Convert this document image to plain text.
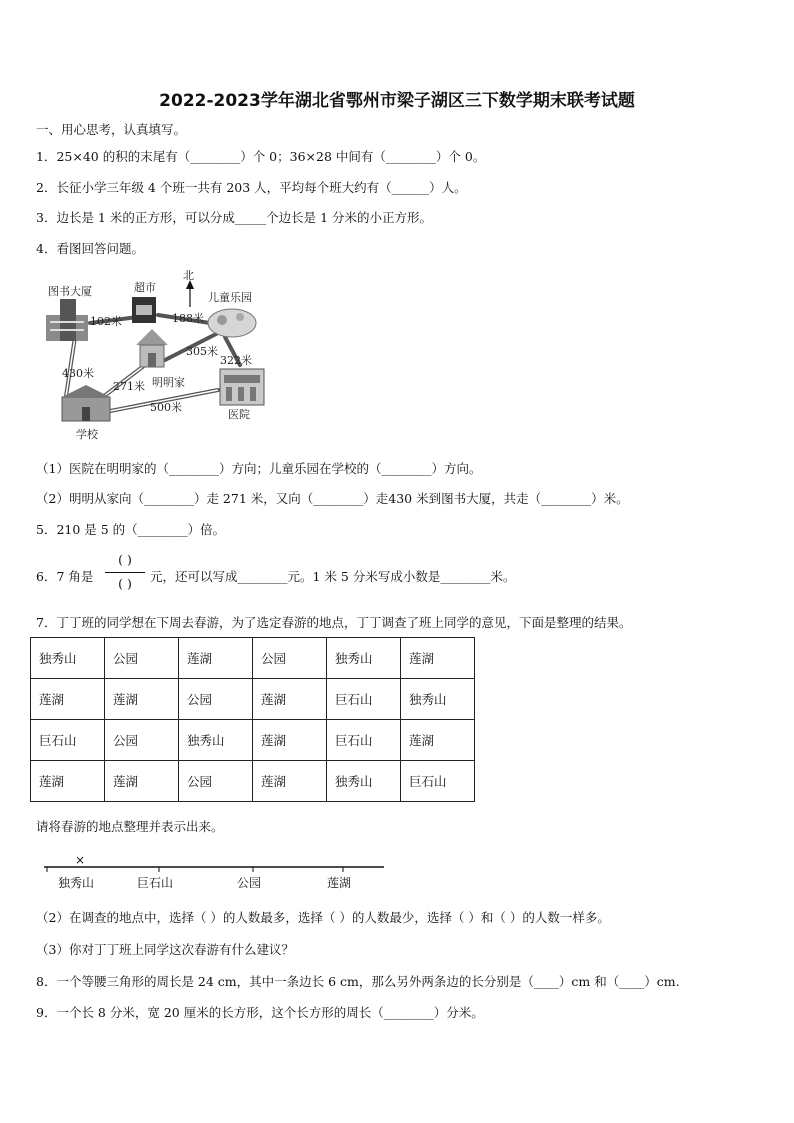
2022-2023学年湖北省鄂州市梁子湖区三下数学期末联考试题
一、用心思考，认真填写。
1．25×40 的积的末尾有（________）个 0；36×28 中间有（________）个 0。
2．长征小学三年级 4 个班一共有 203 人，平均每个班大约有（______）人。
3．边长是 1 米的正方形，可以分成_____个边长是 1 分米的小正方形。
4．看图回答问题。
图书大厦	超市
北
儿童乐园
明明家
学校
医院
102米	188米
305米
322米
430米
271米
500米
（1）医院在明明家的（________）方向；儿童乐园在学校的（________）方向。
（2）明明从家向（________）走 271 米，又向（________）走430 米到图书大厦，共走（________）米。
5．210 是 5 的（________）倍。
6．7 角是
( )
( )	元，还可以写成________元。1 米 5 分米写成小数是________米。
7．丁丁班的同学想在下周去春游，为了选定春游的地点，丁丁调查了班上同学的意见，下面是整理的结果。
独秀山	公园	莲湖	公园	独秀山	莲湖
莲湖	莲湖	公园	莲湖	巨石山	独秀山
巨石山	公园	独秀山	莲湖	巨石山	莲湖
莲湖	莲湖	公园	莲湖	独秀山	巨石山
请将春游的地点整理并表示出来。
×
独秀山	巨石山	公园	莲湖
（2）在调查的地点中，选择（ ）的人数最多，选择（ ）的人数最少，选择（ ）和（ ）的人数一样多。
（3）你对丁丁班上同学这次春游有什么建议？
8．一个等腰三角形的周长是 24 cm，其中一条边长 6 cm，那么另外两条边的长分别是（____）cm 和（____）cm.
9．一个长 8 分米，宽 20 厘米的长方形，这个长方形的周长（________）分米。
